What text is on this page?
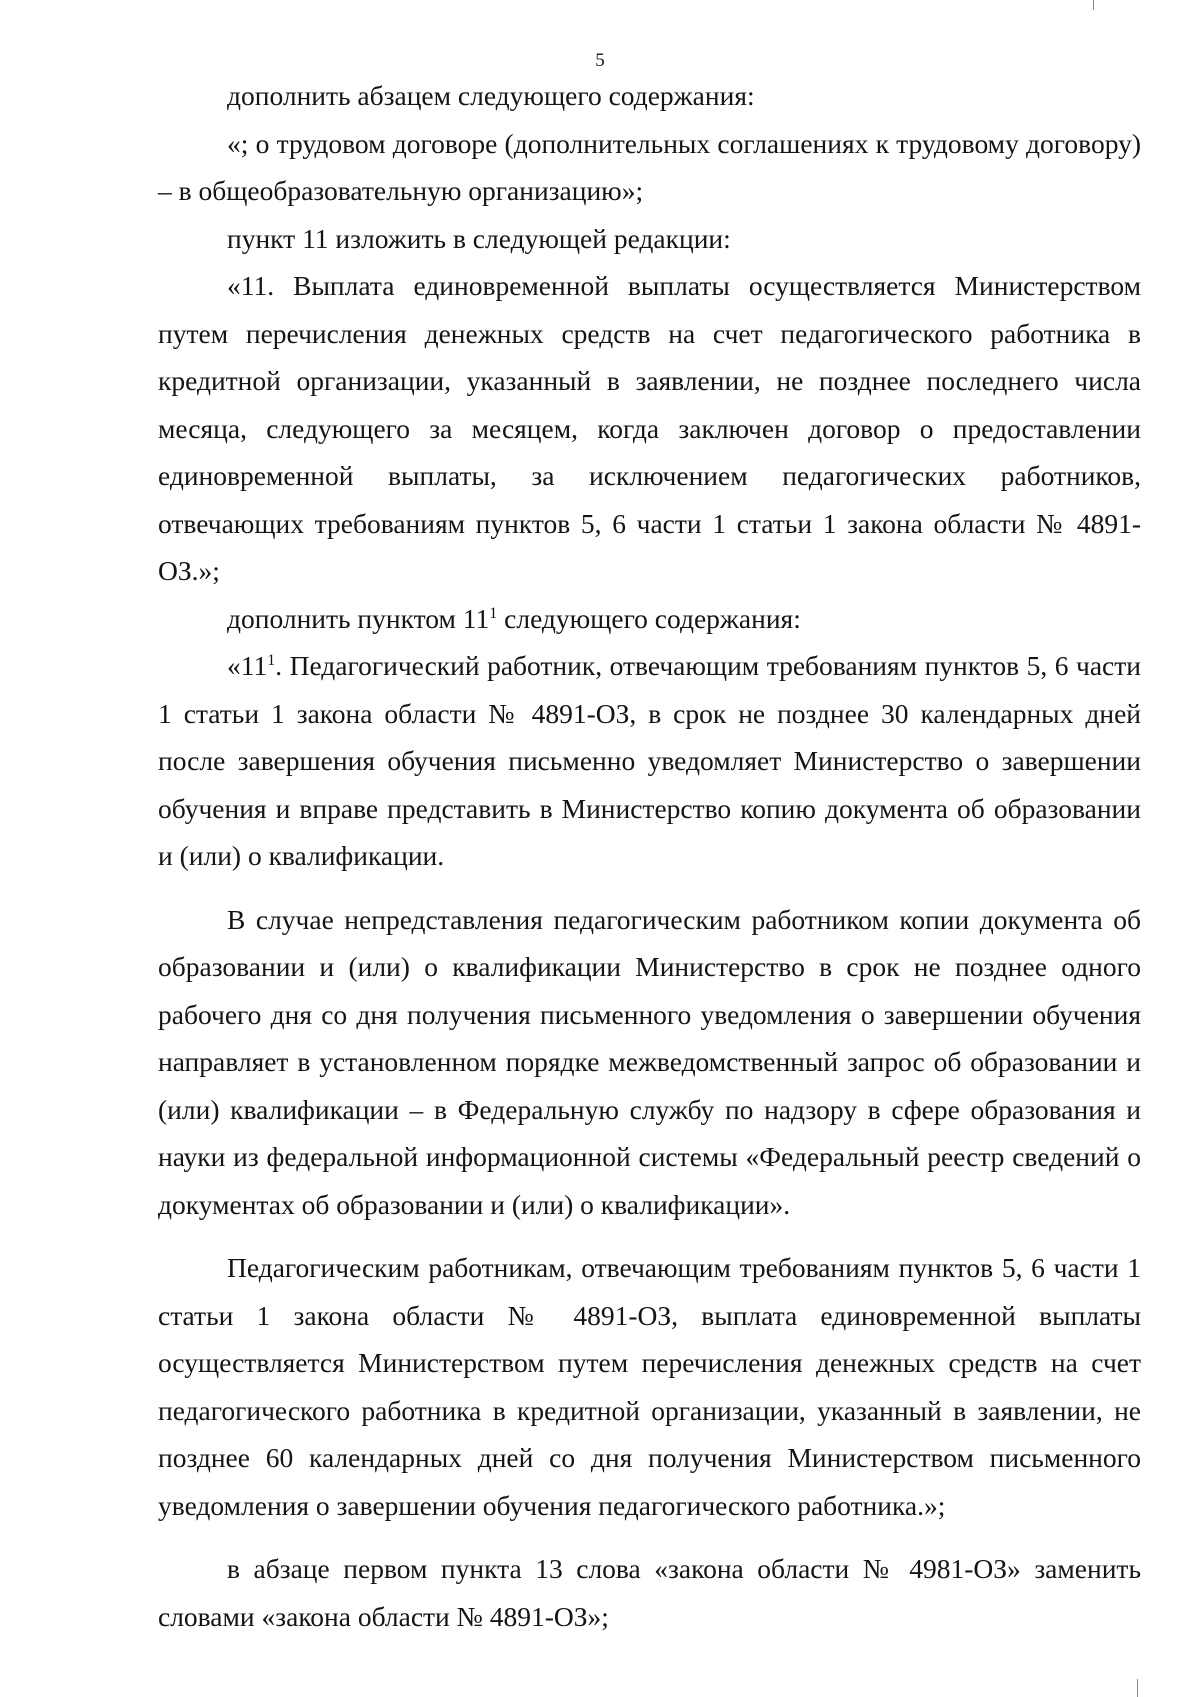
5

дополнить абзацем следующего содержания:

«; о трудовом договоре (дополнительных соглашениях к трудовому договору) – в общеобразовательную организацию»;

пункт 11 изложить в следующей редакции:

«11. Выплата единовременной выплаты осуществляется Министерством путем перечисления денежных средств на счет педагогического работника в кредитной организации, указанный в заявлении, не позднее последнего числа месяца, следующего за месяцем, когда заключен договор о предоставлении единовременной выплаты, за исключением педагогических работников, отвечающих требованиям пунктов 5, 6 части 1 статьи 1 закона области № 4891-ОЗ.»;

дополнить пунктом $11^1$ следующего содержания:

«$11^1$. Педагогический работник, отвечающим требованиям пунктов 5, 6 части 1 статьи 1 закона области № 4891-ОЗ, в срок не позднее 30 календарных дней после завершения обучения письменно уведомляет Министерство о завершении обучения и вправе представить в Министерство копию документа об образовании и (или) о квалификации.

В случае непредставления педагогическим работником копии документа об образовании и (или) о квалификации Министерство в срок не позднее одного рабочего дня со дня получения письменного уведомления о завершении обучения направляет в установленном порядке межведомственный запрос об образовании и (или) квалификации – в Федеральную службу по надзору в сфере образования и науки из федеральной информационной системы «Федеральный реестр сведений о документах об образовании и (или) о квалификации».

Педагогическим работникам, отвечающим требованиям пунктов 5, 6 части 1 статьи 1 закона области № 4891-ОЗ, выплата единовременной выплаты осуществляется Министерством путем перечисления денежных средств на счет педагогического работника в кредитной организации, указанный в заявлении, не позднее 60 календарных дней со дня получения Министерством письменного уведомления о завершении обучения педагогического работника.»;

в абзаце первом пункта 13 слова «закона области № 4981-ОЗ» заменить словами «закона области № 4891-ОЗ»;
